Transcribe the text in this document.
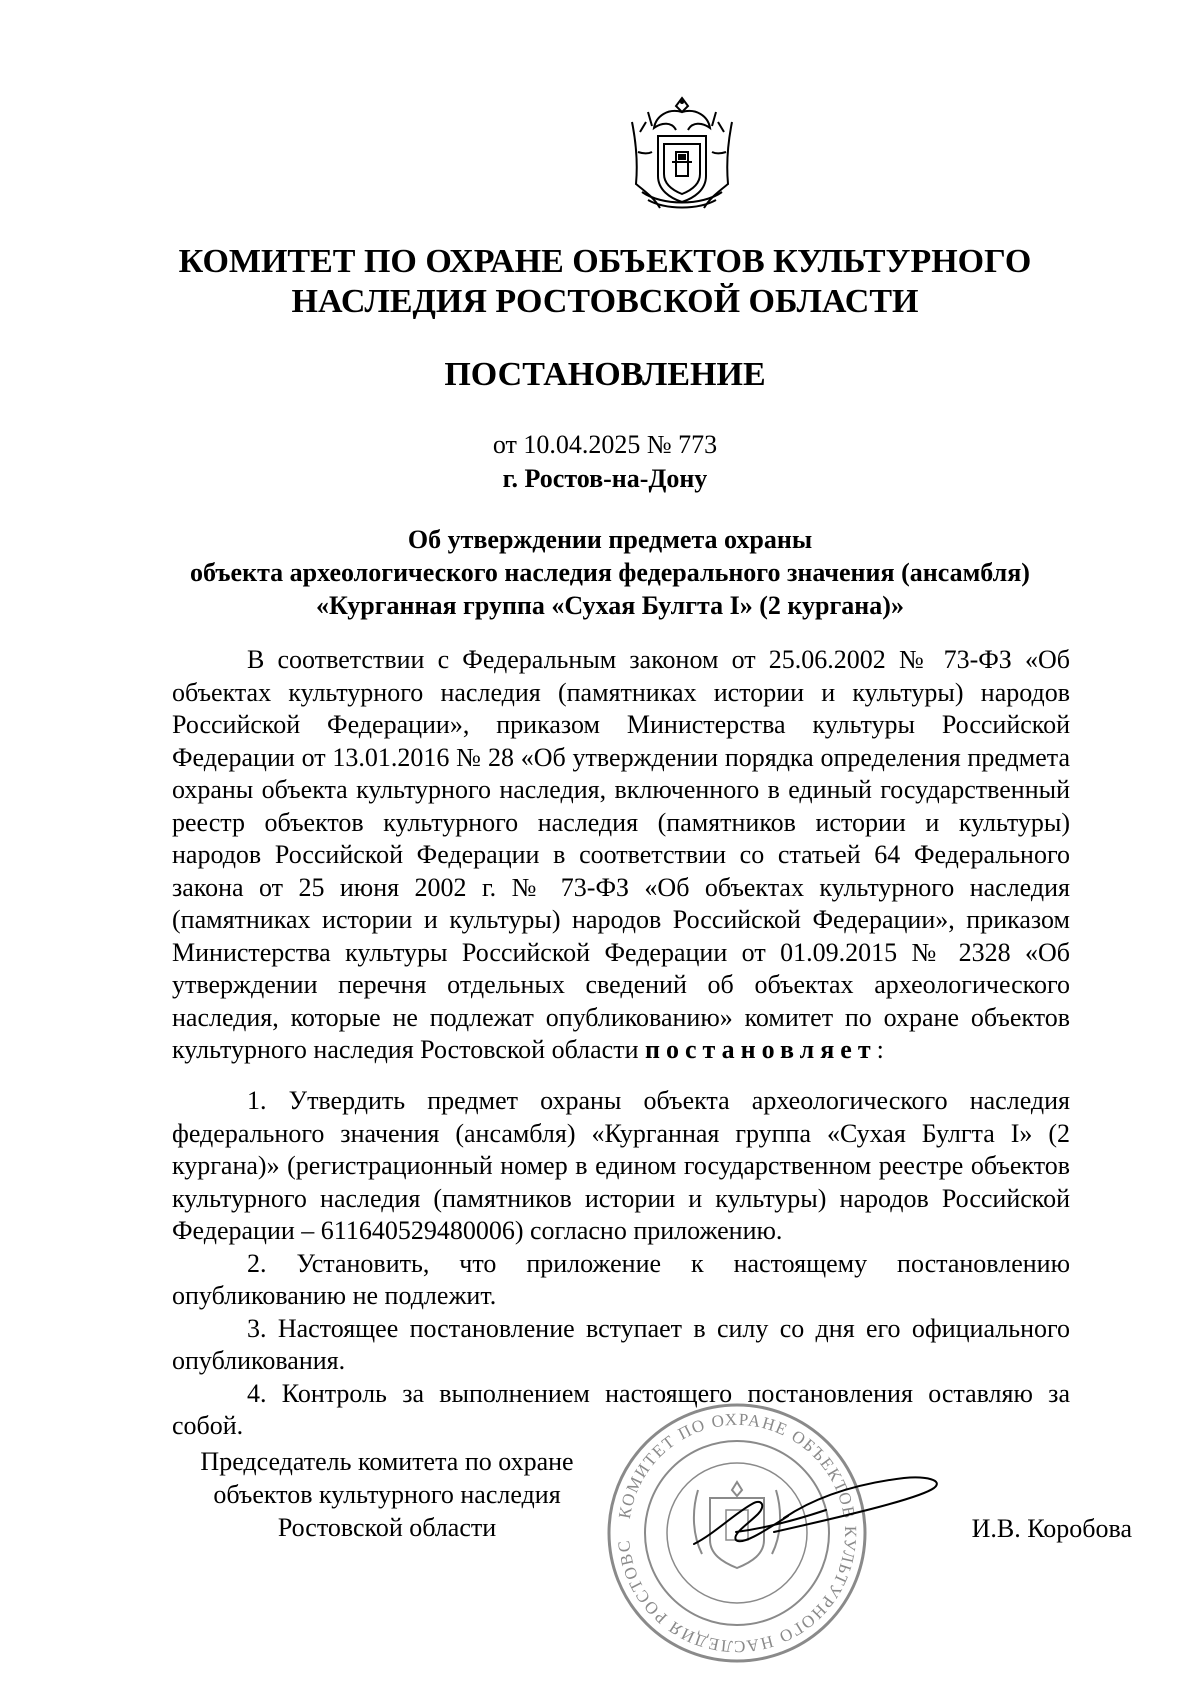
КОМИТЕТ ПО ОХРАНЕ ОБЪЕКТОВ КУЛЬТУРНОГО
НАСЛЕДИЯ РОСТОВСКОЙ ОБЛАСТИ
ПОСТАНОВЛЕНИЕ
от 10.04.2025 № 773
г. Ростов-на-Дону
Об утверждении предмета охраны
объекта археологического наследия федерального значения (ансамбля)
«Курганная группа «Сухая Булгта I» (2 кургана)»

В соответствии с Федеральным законом от 25.06.2002 № 73-ФЗ «Об объектах культурного наследия (памятниках истории и культуры) народов Российской Федерации», приказом Министерства культуры Российской Федерации от 13.01.2016 № 28 «Об утверждении порядка определения предмета охраны объекта культурного наследия, включенного в единый государственный реестр объектов культурного наследия (памятников истории и культуры) народов Российской Федерации в соответствии со статьей 64 Федерального закона от 25 июня 2002 г. № 73-ФЗ «Об объектах культурного наследия (памятниках истории и культуры) народов Российской Федерации», приказом Министерства культуры Российской Федерации от 01.09.2015 № 2328 «Об утверждении перечня отдельных сведений об объектах археологического наследия, которые не подлежат опубликованию» комитет по охране объектов культурного наследия Ростовской области постановляет:

1. Утвердить предмет охраны объекта археологического наследия федерального значения (ансамбля) «Курганная группа «Сухая Булгта I» (2 кургана)» (регистрационный номер в едином государственном реестре объектов культурного наследия (памятников истории и культуры) народов Российской Федерации – 611640529480006) согласно приложению.

2. Установить, что приложение к настоящему постановлению опубликованию не подлежит.

3. Настоящее постановление вступает в силу со дня его официального опубликования.

4. Контроль за выполнением настоящего постановления оставляю за собой.

КОМИТЕТ ПО ОХРАНЕ ОБЪЕКТОВ КУЛЬТУРНОГО НАСЛЕДИЯ РОСТОВС
Председатель комитета по охране
объектов культурного наследия
Ростовской области	И.В. Коробова
